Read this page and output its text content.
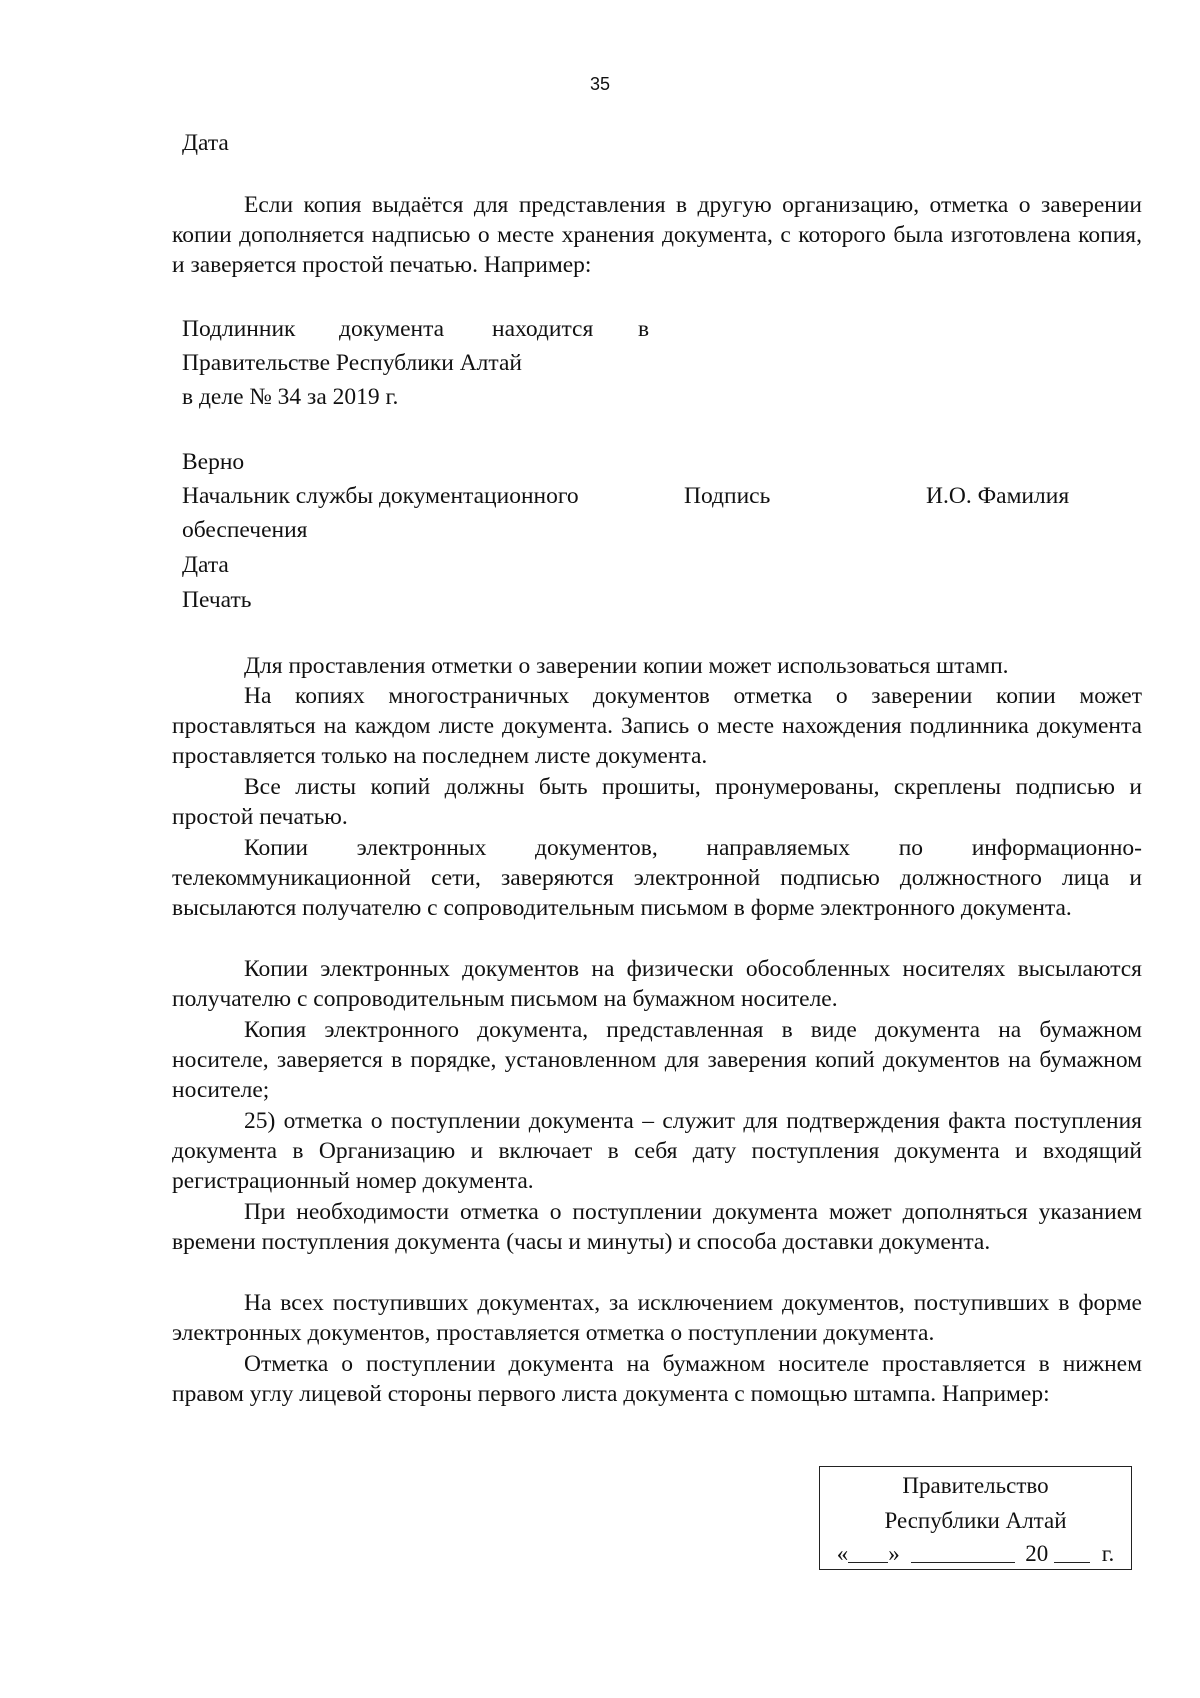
35
Дата
Если копия выдаётся для представления в другую организацию, отметка о заверении копии дополняется надписью о месте хранения документа, с которого была изготовлена копия, и заверяется простой печатью. Например:
Подлинник документа находится в
Правительстве Республики Алтай
в деле № 34 за 2019 г.
Верно
Начальник службы документационного	Подпись	И.О. Фамилия
обеспечения
Дата
Печать
Для проставления отметки о заверении копии может использоваться штамп.
На копиях многостраничных документов отметка о заверении копии может проставляться на каждом листе документа. Запись о месте нахождения подлинника документа проставляется только на последнем листе документа.
Все листы копий должны быть прошиты, пронумерованы, скреплены подписью и простой печатью.
Копии электронных документов, направляемых по информационно-телекоммуникационной сети, заверяются электронной подписью должностного лица и высылаются получателю с сопроводительным письмом в форме электронного документа.
Копии электронных документов на физически обособленных носителях высылаются получателю с сопроводительным письмом на бумажном носителе.
Копия электронного документа, представленная в виде документа на бумажном носителе, заверяется в порядке, установленном для заверения копий документов на бумажном носителе;
25) отметка о поступлении документа – служит для подтверждения факта поступления документа в Организацию и включает в себя дату поступления документа и входящий регистрационный номер документа.
При необходимости отметка о поступлении документа может дополняться указанием времени поступления документа (часы и минуты) и способа доставки документа.
На всех поступивших документах, за исключением документов, поступивших в форме электронных документов, проставляется отметка о поступлении документа.
Отметка о поступлении документа на бумажном носителе проставляется в нижнем правом углу лицевой стороны первого листа документа с помощью штампа. Например:
Правительство
Республики Алтай
« »	20 г.
